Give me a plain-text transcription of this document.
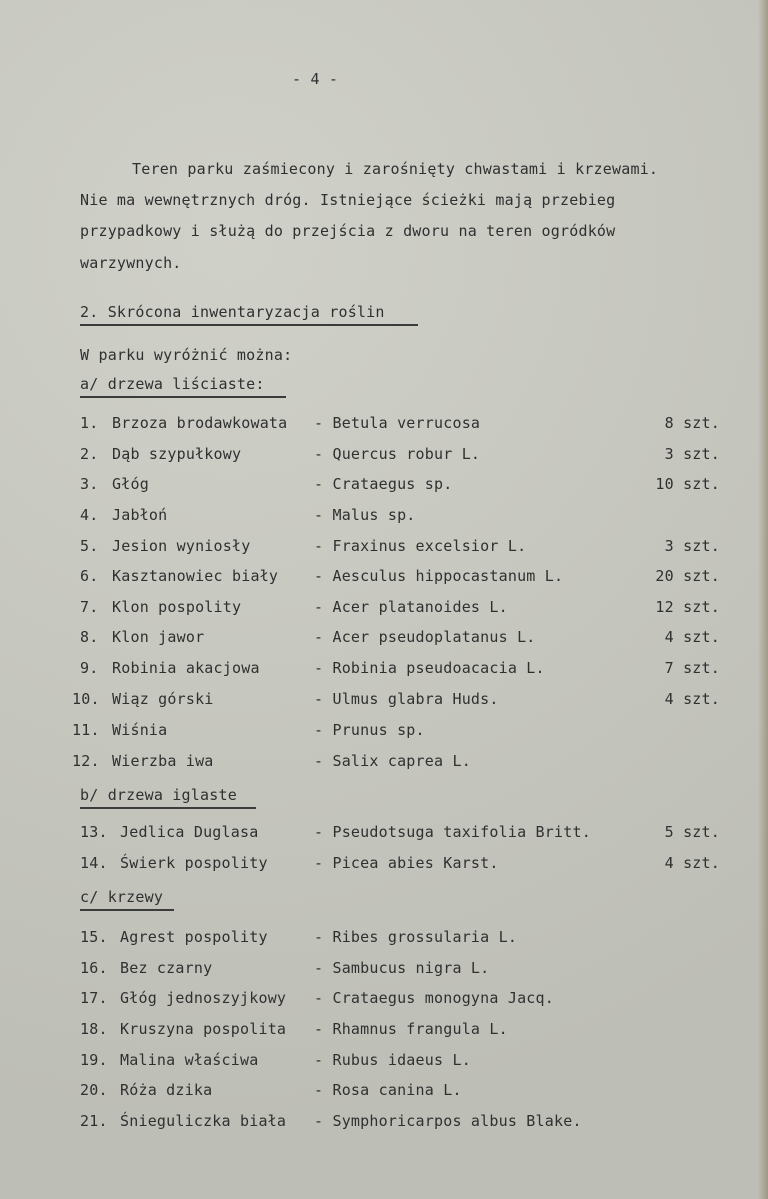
- 4 -
Teren parku zaśmiecony i zarośnięty chwastami i krzewami.
Nie ma wewnętrznych dróg. Istniejące ścieżki mają przebieg
przypadkowy i służą do przejścia z dworu na teren ogródków
warzywnych.
2. Skrócona inwentaryzacja roślin
W parku wyróżnić można:
a/ drzewa liściaste:
b/ drzewa iglaste
c/ krzewy
1. Brzoza brodawkowata - Betula verrucosa	8 szt.
2. Dąb szypułkowy	- Quercus robur L.	3 szt.
3. Głóg	- Crataegus sp.	10 szt.
4. Jabłoń	- Malus sp.
5. Jesion wyniosły	- Fraxinus excelsior L.	3 szt.
6. Kasztanowiec biały - Aesculus hippocastanum L.	20 szt.
7. Klon pospolity	- Acer platanoides L.	12 szt.
8. Klon jawor	- Acer pseudoplatanus L.	4 szt.
9. Robinia akacjowa	- Robinia pseudoacacia L.	7 szt.
10. Wiąz górski	- Ulmus glabra Huds.	4 szt.
11. Wiśnia	- Prunus sp.
12. Wierzba iwa	- Salix caprea L.
13. Jedlica Duglasa	- Pseudotsuga taxifolia Britt.	5 szt.
14. Świerk pospolity	- Picea abies Karst.	4 szt.
15. Agrest pospolity	- Ribes grossularia L.
16. Bez czarny	- Sambucus nigra L.
17. Głóg jednoszyjkowy - Crataegus monogyna Jacq.
18. Kruszyna pospolita - Rhamnus frangula L.
19. Malina właściwa	- Rubus idaeus L.
20. Róża dzika	- Rosa canina L.
21. Śnieguliczka biała - Symphoricarpos albus Blake.
